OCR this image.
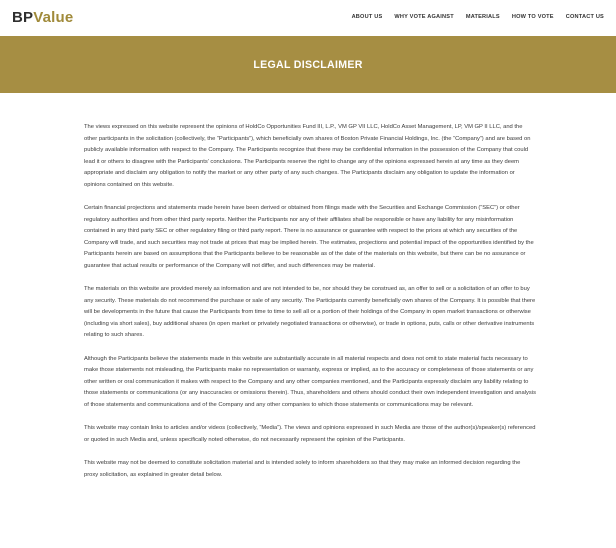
BPValue	ABOUT US WHY VOTE AGAINST MATERIALS HOW TO VOTE CONTACT US
LEGAL DISCLAIMER

The views expressed on this website represent the opinions of HoldCo Opportunities Fund III, L.P., VM GP VII LLC, HoldCo Asset Management, LP, VM GP II LLC, and the other participants in the solicitation (collectively, the “Participants”), which beneficially own shares of Boston Private Financial Holdings, Inc. (the “Company”) and are based on publicly available information with respect to the Company. The Participants recognize that there may be confidential information in the possession of the Company that could lead it or others to disagree with the Participants’ conclusions. The Participants reserve the right to change any of the opinions expressed herein at any time as they deem appropriate and disclaim any obligation to notify the market or any other party of any such changes. The Participants disclaim any obligation to update the information or opinions contained on this website.

Certain financial projections and statements made herein have been derived or obtained from filings made with the Securities and Exchange Commission (“SEC”) or other regulatory authorities and from other third party reports. Neither the Participants nor any of their affiliates shall be responsible or have any liability for any misinformation contained in any third party SEC or other regulatory filing or third party report. There is no assurance or guarantee with respect to the prices at which any securities of the Company will trade, and such securities may not trade at prices that may be implied herein. The estimates, projections and potential impact of the opportunities identified by the Participants herein are based on assumptions that the Participants believe to be reasonable as of the date of the materials on this website, but there can be no assurance or guarantee that actual results or performance of the Company will not differ, and such differences may be material.

The materials on this website are provided merely as information and are not intended to be, nor should they be construed as, an offer to sell or a solicitation of an offer to buy any security. These materials do not recommend the purchase or sale of any security. The Participants currently beneficially own shares of the Company. It is possible that there will be developments in the future that cause the Participants from time to time to sell all or a portion of their holdings of the Company in open market transactions or otherwise (including via short sales), buy additional shares (in open market or privately negotiated transactions or otherwise), or trade in options, puts, calls or other derivative instruments relating to such shares.

Although the Participants believe the statements made in this website are substantially accurate in all material respects and does not omit to state material facts necessary to make those statements not misleading, the Participants make no representation or warranty, express or implied, as to the accuracy or completeness of those statements or any other written or oral communication it makes with respect to the Company and any other companies mentioned, and the Participants expressly disclaim any liability relating to those statements or communications (or any inaccuracies or omissions therein). Thus, shareholders and others should conduct their own independent investigation and analysis of those statements and communications and of the Company and any other companies to which those statements or communications may be relevant.

This website may contain links to articles and/or videos (collectively, “Media”). The views and opinions expressed in such Media are those of the author(s)/speaker(s) referenced or quoted in such Media and, unless specifically noted otherwise, do not necessarily represent the opinion of the Participants.

This website may not be deemed to constitute solicitation material and is intended solely to inform shareholders so that they may make an informed decision regarding the proxy solicitation, as explained in greater detail below.
